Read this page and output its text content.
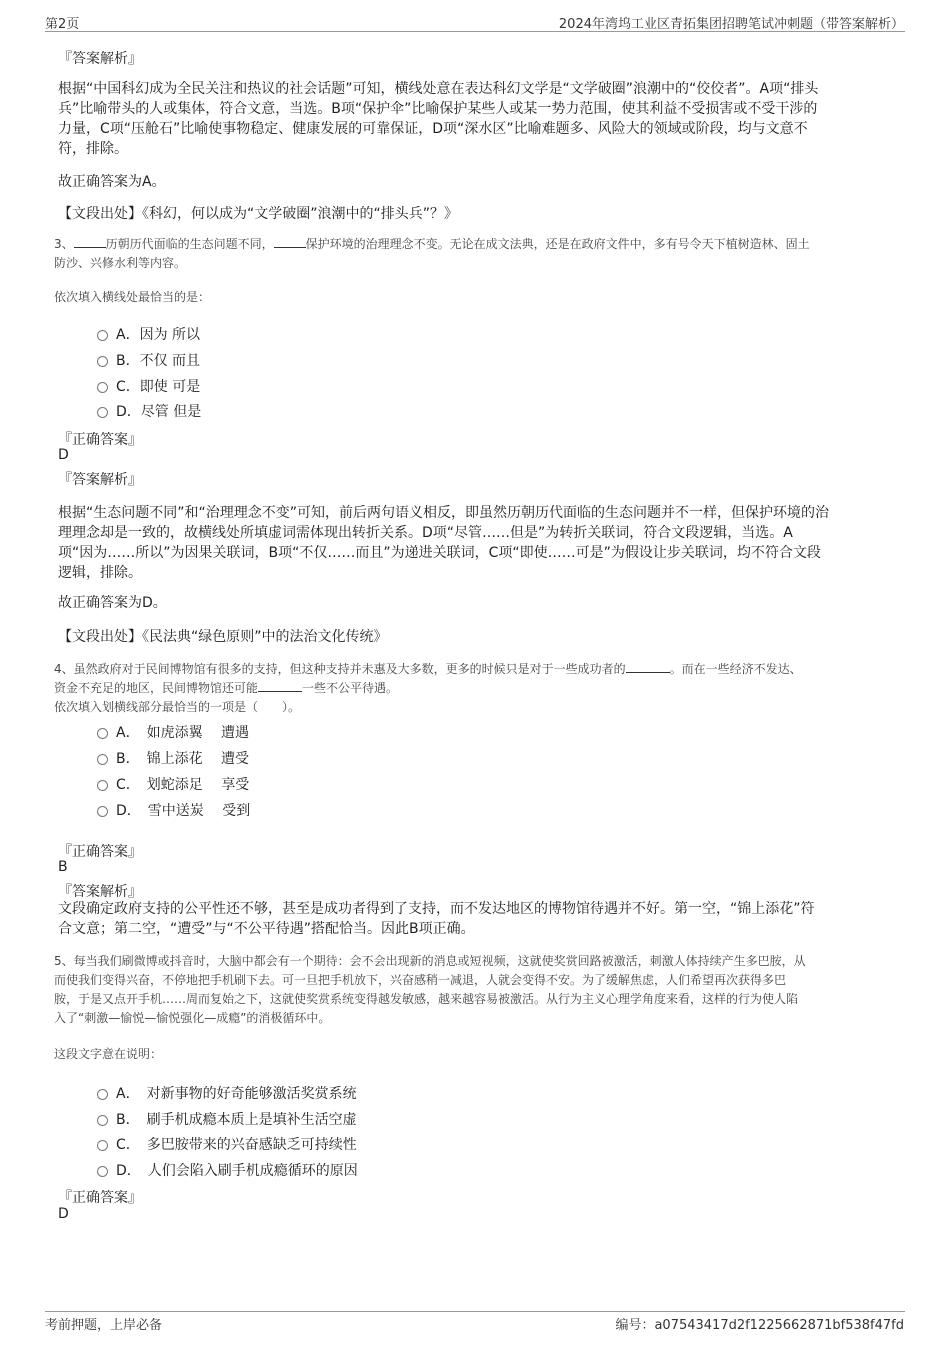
第2页	2024年湾坞工业区青拓集团招聘笔试冲刺题（带答案解析）
『答案解析』
根据“中国科幻成为全民关注和热议的社会话题”可知，横线处意在表达科幻文学是“文学破圈”浪潮中的“佼佼者”。A项“排头
兵”比喻带头的人或集体，符合文意，当选。B项“保护伞”比喻保护某些人或某一势力范围，使其利益不受损害或不受干涉的
力量，C项“压舱石”比喻使事物稳定、健康发展的可靠保证，D项“深水区”比喻难题多、风险大的领域或阶段，均与文意不
符，排除。
故正确答案为A。
【文段出处】《科幻，何以成为“文学破圈”浪潮中的“排头兵”？》
3、	历朝历代面临的生态问题不同，	保护环境的治理理念不变。无论在成文法典，还是在政府文件中，多有号令天下植树造林、固土
防沙、兴修水利等内容。
依次填入横线处最恰当的是：
A．因为 所以
B．不仅 而且
C．即使 可是
D．尽管 但是
『正确答案』
D
『答案解析』
根据“生态问题不同”和“治理理念不变”可知，前后两句语义相反，即虽然历朝历代面临的生态问题并不一样，但保护环境的治
理理念却是一致的，故横线处所填虚词需体现出转折关系。D项“尽管……但是”为转折关联词，符合文段逻辑，当选。A
项“因为……所以”为因果关联词，B项“不仅……而且”为递进关联词，C项“即使……可是”为假设让步关联词，均不符合文段
逻辑，排除。
故正确答案为D。
【文段出处】《民法典“绿色原则”中的法治文化传统》
4、虽然政府对于民间博物馆有很多的支持，但这种支持并未惠及大多数，更多的时候只是对于一些成功者的	。而在一些经济不发达、
资金不充足的地区，民间博物馆还可能	一些不公平待遇。
依次填入划横线部分最恰当的一项是（　　）。
A．　如虎添翼　 遭遇
B．　锦上添花　 遭受
C．　划蛇添足　 享受
D．　雪中送炭　 受到
『正确答案』
B
『答案解析』
文段确定政府支持的公平性还不够，甚至是成功者得到了支持，而不发达地区的博物馆待遇并不好。第一空，“锦上添花”符
合文意；第二空，“遭受”与“不公平待遇”搭配恰当。因此B项正确。
5、每当我们刷微博或抖音时，大脑中都会有一个期待：会不会出现新的消息或短视频，这就使奖赏回路被激活，刺激人体持续产生多巴胺，从
而使我们变得兴奋，不停地把手机刷下去。可一旦把手机放下，兴奋感稍一减退，人就会变得不安。为了缓解焦虑，人们希望再次获得多巴
胺，于是又点开手机……周而复始之下，这就使奖赏系统变得越发敏感，越来越容易被激活。从行为主义心理学角度来看，这样的行为使人陷
入了“刺激—愉悦—愉悦强化—成瘾”的消极循环中。
这段文字意在说明：
A．　对新事物的好奇能够激活奖赏系统
B．　刷手机成瘾本质上是填补生活空虚
C．　多巴胺带来的兴奋感缺乏可持续性
D．　人们会陷入刷手机成瘾循环的原因
『正确答案』
D
考前押题，上岸必备	编号：a07543417d2f1225662871bf538f47fd
